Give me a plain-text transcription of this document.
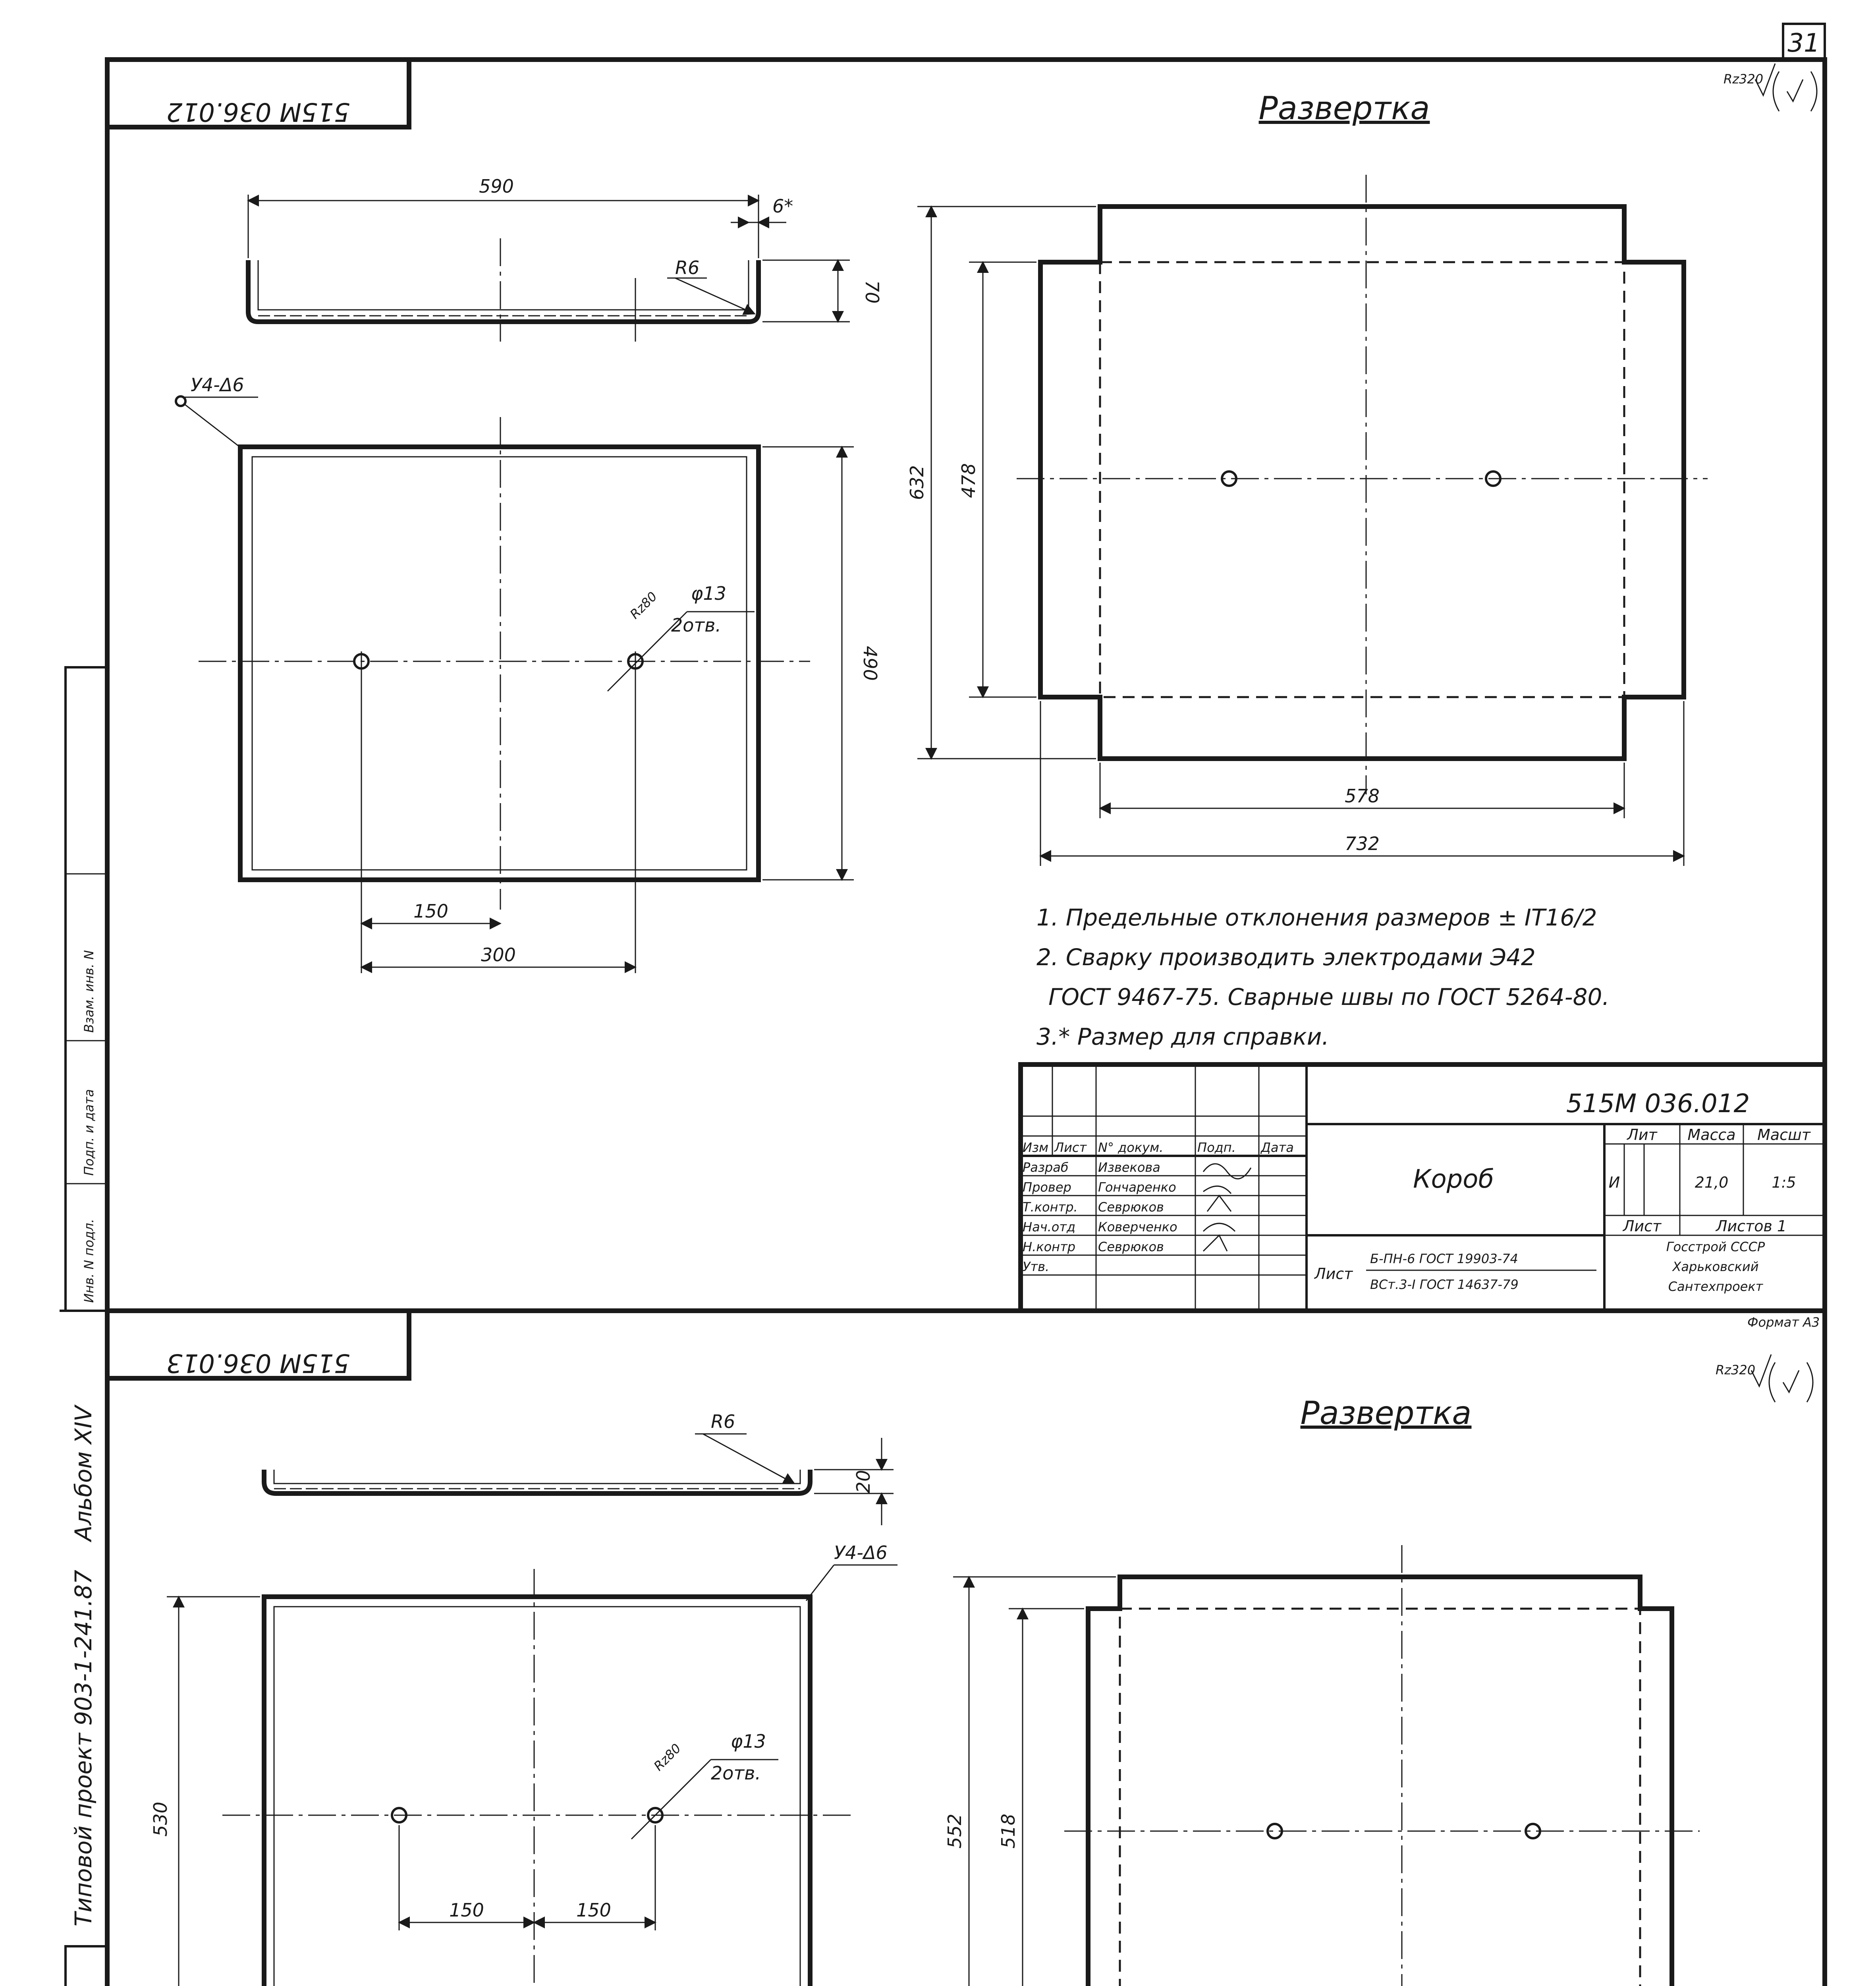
31
Взам. инв. N
Подп. и дата
Инв. N подл.
Альбом XIV
Типовой проект 903-1-241.87
515М 036.012	Развертка
Rz320
590
6*
R6
70
У4-Δ6
490
Rz80 φ13
2отв.
150
300
632 478
578
732
1. Предельные отклонения размеров ± IT16/2
2. Сварку производить электродами Э42
ГОСТ 9467-75. Сварные швы по ГОСТ 5264-80.
3.* Размер для справки.
515М 036.012
Короб
Лит Масса Масшт
И	21,0	1:5
Лист	Листов 1
Лист
Б-ПН-6 ГОСТ 19903-74
ВСт.3-I ГОСТ 14637-79
Госстрой СССР
Харьковский
Сантехпроект
Формат А3
Изм Лист N° докум.	Подп. Дата
Разраб Извекова
Провер Гончаренко
Т.контр. Севрюков
Нач.отд Коверченко
Н.контр Севрюков
Утв.
515М 036.013
Развертка
Rz320
R6
20
У4-Δ6
530
Rz80	φ13
2отв.
150	150
552 518
